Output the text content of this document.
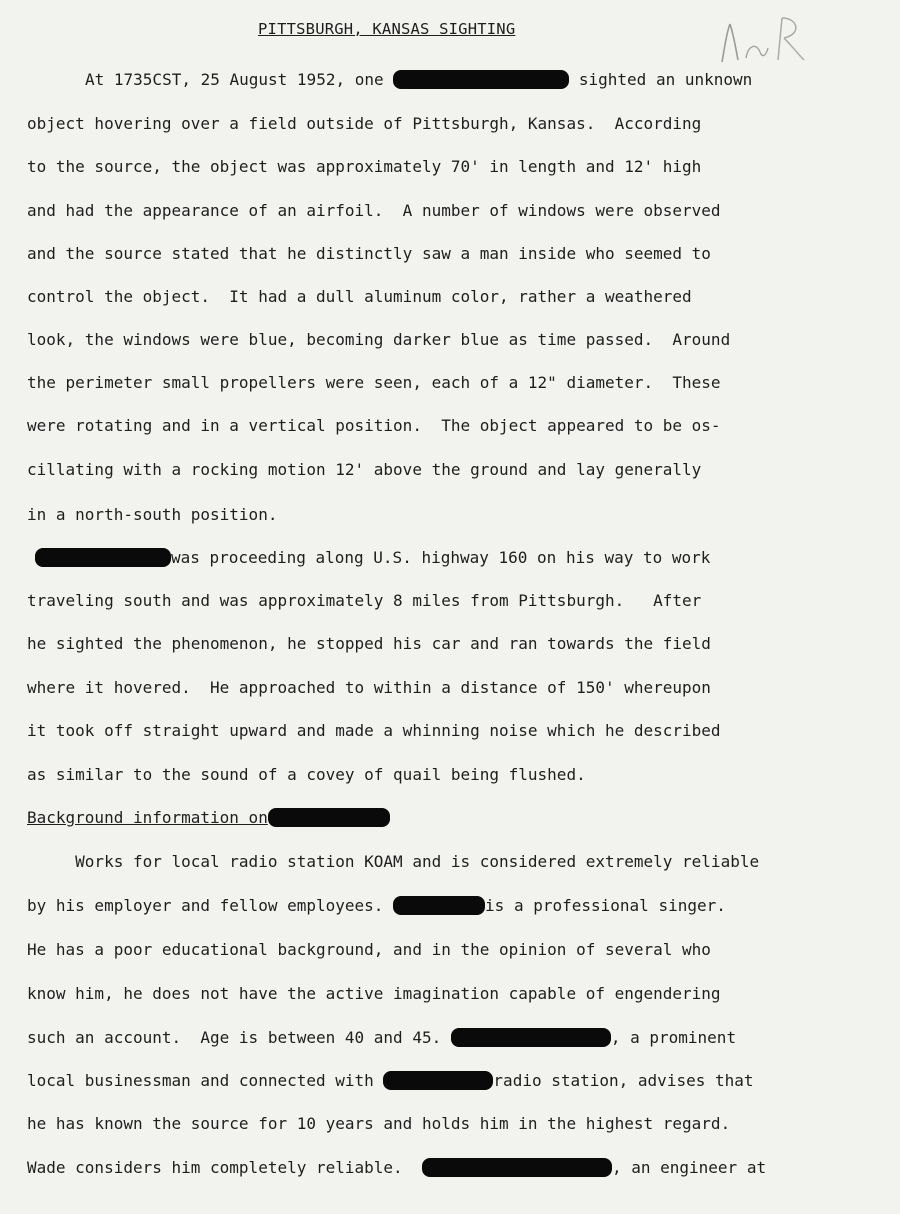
PITTSBURGH, KANSAS SIGHTING
At 1735CST, 25 August 1952, one	sighted an unknown
object hovering over a field outside of Pittsburgh, Kansas.  According
to the source, the object was approximately 70' in length and 12' high
and had the appearance of an airfoil.  A number of windows were observed
and the source stated that he distinctly saw a man inside who seemed to
control the object.  It had a dull aluminum color, rather a weathered
look, the windows were blue, becoming darker blue as time passed.  Around
the perimeter small propellers were seen, each of a 12" diameter.  These
were rotating and in a vertical position.  The object appeared to be os-
cillating with a rocking motion 12' above the ground and lay generally
in a north-south position.
was proceeding along U.S. highway 160 on his way to work
traveling south and was approximately 8 miles from Pittsburgh.   After
he sighted the phenomenon, he stopped his car and ran towards the field
where it hovered.  He approached to within a distance of 150' whereupon
it took off straight upward and made a whinning noise which he described
as similar to the sound of a covey of quail being flushed.
Background information on
Works for local radio station KOAM and is considered extremely reliable
by his employer and fellow employees.	is a professional singer.
He has a poor educational background, and in the opinion of several who
know him, he does not have the active imagination capable of engendering
such an account.  Age is between 40 and 45.	, a prominent
local businessman and connected with	radio station, advises that
he has known the source for 10 years and holds him in the highest regard.
Wade considers him completely reliable.	, an engineer at
